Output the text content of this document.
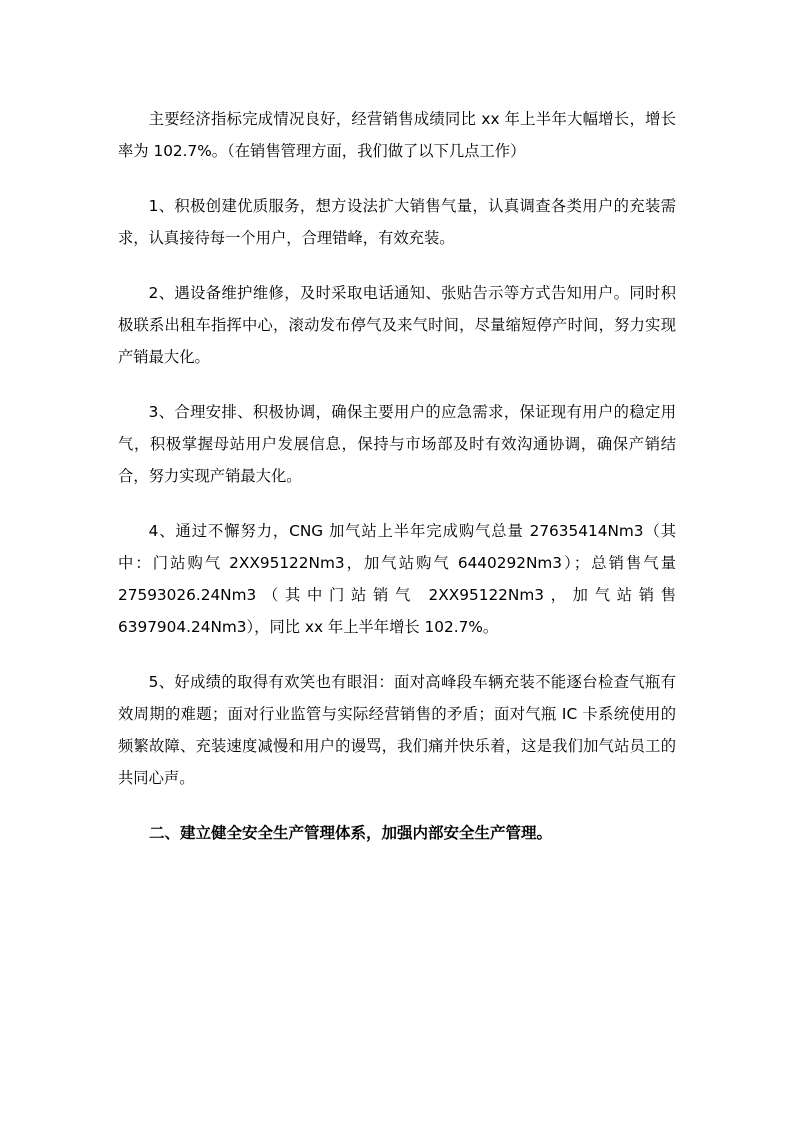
主要经济指标完成情况良好，经营销售成绩同比 xx 年上半年大幅增长，增长率为 102.7%。（在销售管理方面，我们做了以下几点工作）

1、积极创建优质服务，想方设法扩大销售气量，认真调查各类用户的充装需求，认真接待每一个用户，合理错峰，有效充装。

2、遇设备维护维修，及时采取电话通知、张贴告示等方式告知用户。同时积极联系出租车指挥中心，滚动发布停气及来气时间，尽量缩短停产时间，努力实现产销最大化。

3、合理安排、积极协调，确保主要用户的应急需求，保证现有用户的稳定用气，积极掌握母站用户发展信息，保持与市场部及时有效沟通协调，确保产销结合，努力实现产销最大化。

4、通过不懈努力，CNG 加气站上半年完成购气总量 27635414Nm3（其中：门站购气 2XX95122Nm3，加气站购气 6440292Nm3）；总销售气量 27593026.24Nm3（其中门站销气 2XX95122Nm3，加气站销售 6397904.24Nm3），同比 xx 年上半年增长 102.7%。

5、好成绩的取得有欢笑也有眼泪：面对高峰段车辆充装不能逐台检查气瓶有效周期的难题；面对行业监管与实际经营销售的矛盾；面对气瓶 IC 卡系统使用的频繁故障、充装速度减慢和用户的谩骂，我们痛并快乐着，这是我们加气站员工的共同心声。

二、建立健全安全生产管理体系，加强内部安全生产管理。
